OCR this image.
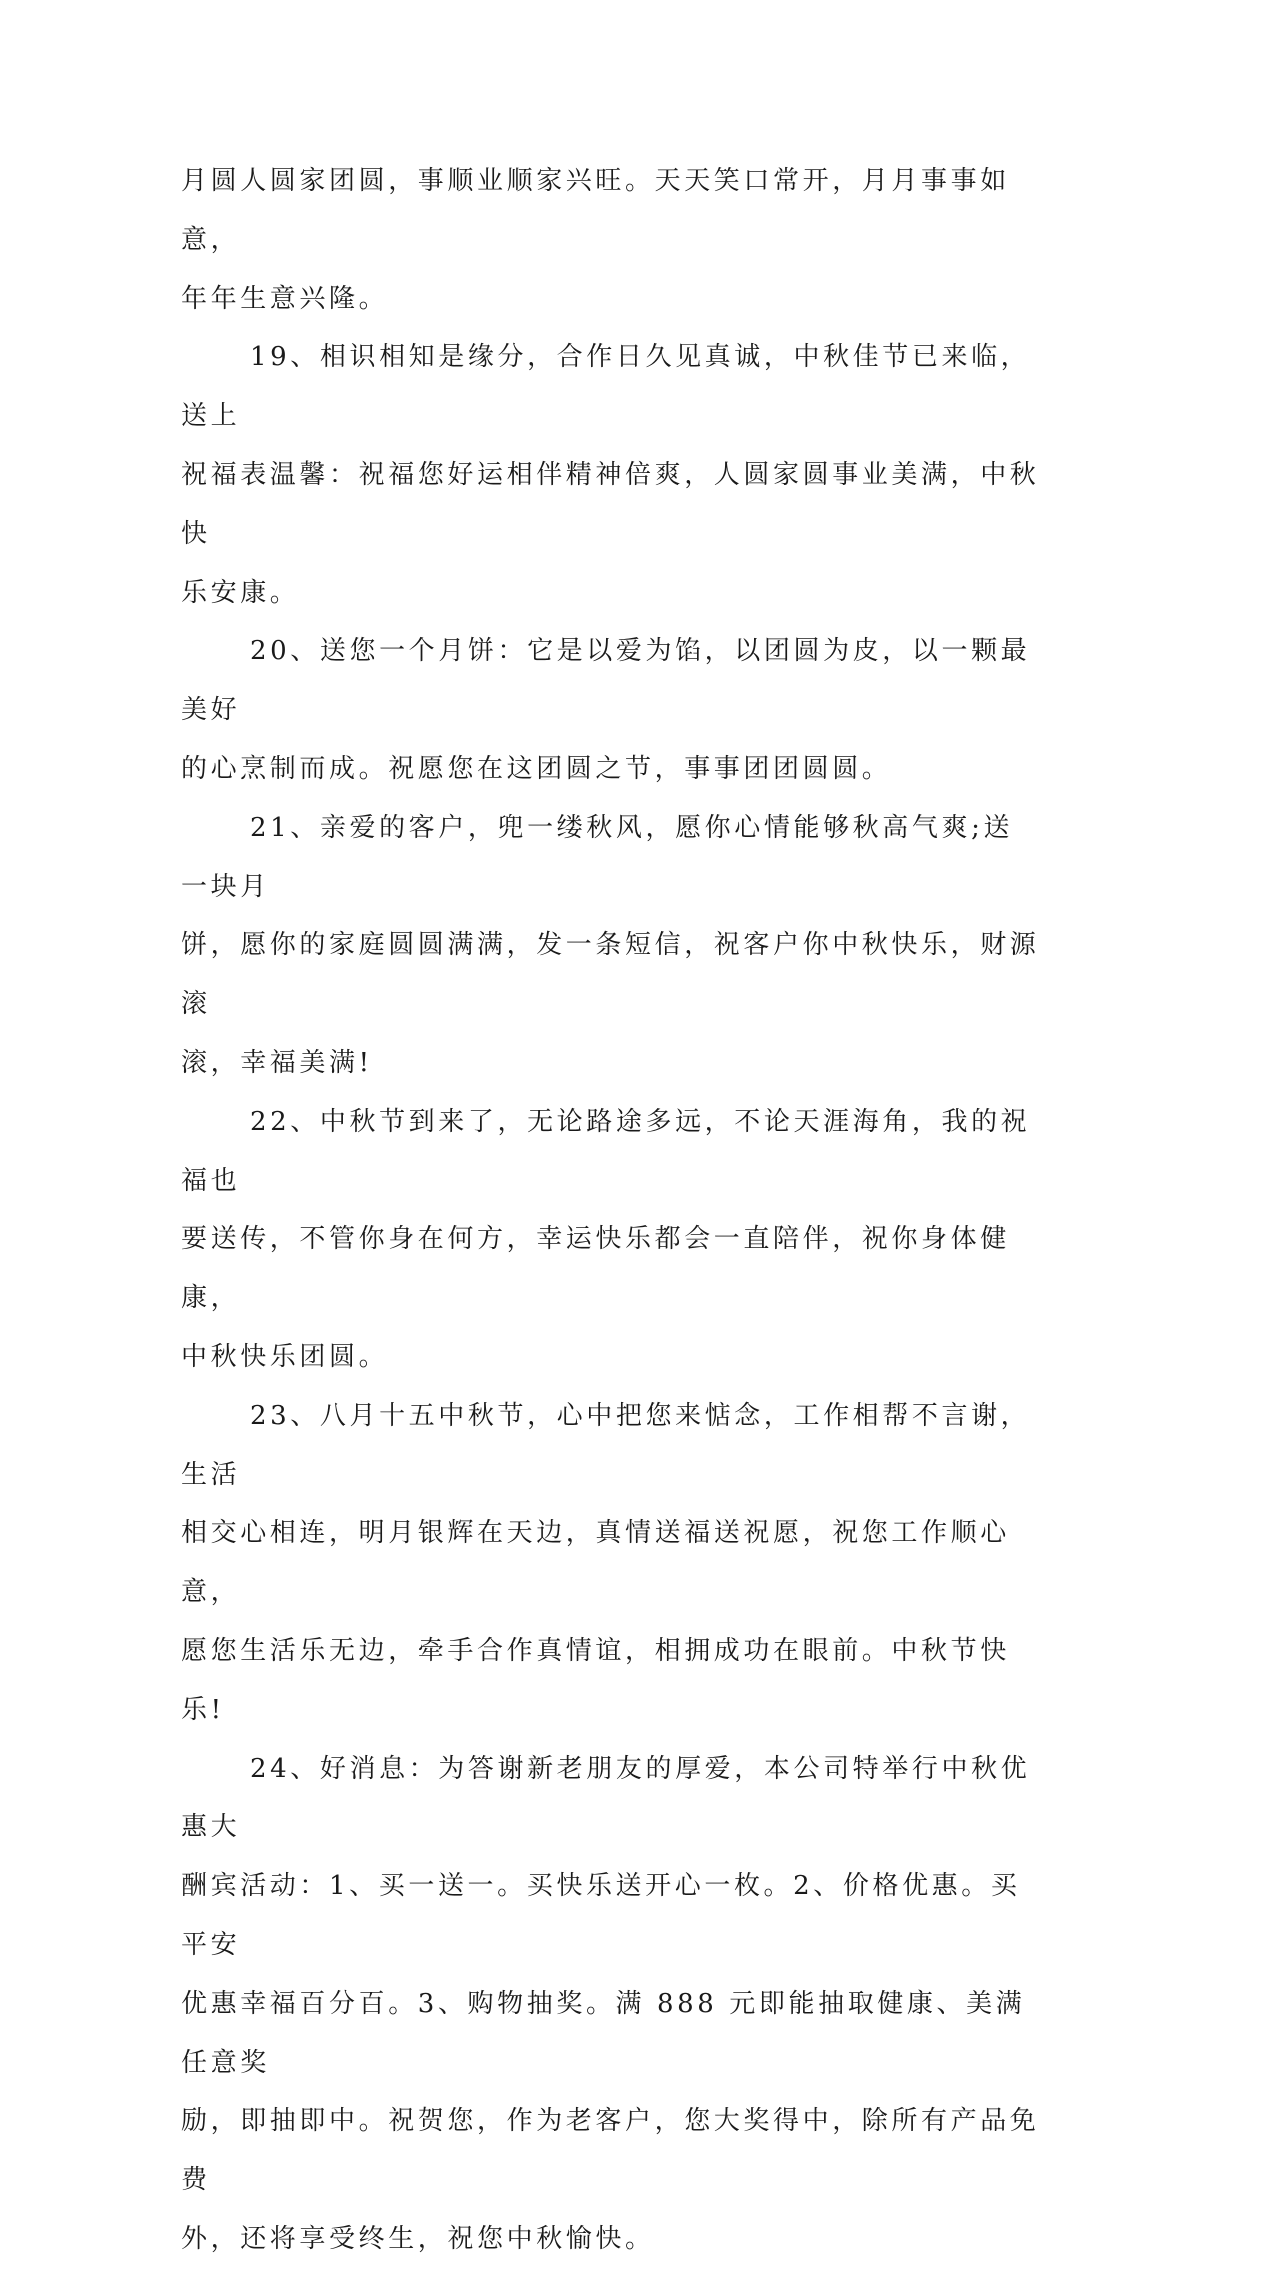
月圆人圆家团圆，事顺业顺家兴旺。天天笑口常开，月月事事如意，
年年生意兴隆。

19、相识相知是缘分，合作日久见真诚，中秋佳节已来临，送上
祝福表温馨：祝福您好运相伴精神倍爽，人圆家圆事业美满，中秋快
乐安康。

20、送您一个月饼：它是以爱为馅，以团圆为皮，以一颗最美好
的心烹制而成。祝愿您在这团圆之节，事事团团圆圆。

21、亲爱的客户，兜一缕秋风，愿你心情能够秋高气爽;送一块月
饼，愿你的家庭圆圆满满，发一条短信，祝客户你中秋快乐，财源滚
滚，幸福美满!

22、中秋节到来了，无论路途多远，不论天涯海角，我的祝福也
要送传，不管你身在何方，幸运快乐都会一直陪伴，祝你身体健康，
中秋快乐团圆。

23、八月十五中秋节，心中把您来惦念，工作相帮不言谢，生活
相交心相连，明月银辉在天边，真情送福送祝愿，祝您工作顺心意，
愿您生活乐无边，牵手合作真情谊，相拥成功在眼前。中秋节快乐!

24、好消息：为答谢新老朋友的厚爱，本公司特举行中秋优惠大
酬宾活动：1、买一送一。买快乐送开心一枚。2、价格优惠。买平安
优惠幸福百分百。3、购物抽奖。满 888 元即能抽取健康、美满任意奖
励，即抽即中。祝贺您，作为老客户，您大奖得中，除所有产品免费
外，还将享受终生，祝您中秋愉快。
